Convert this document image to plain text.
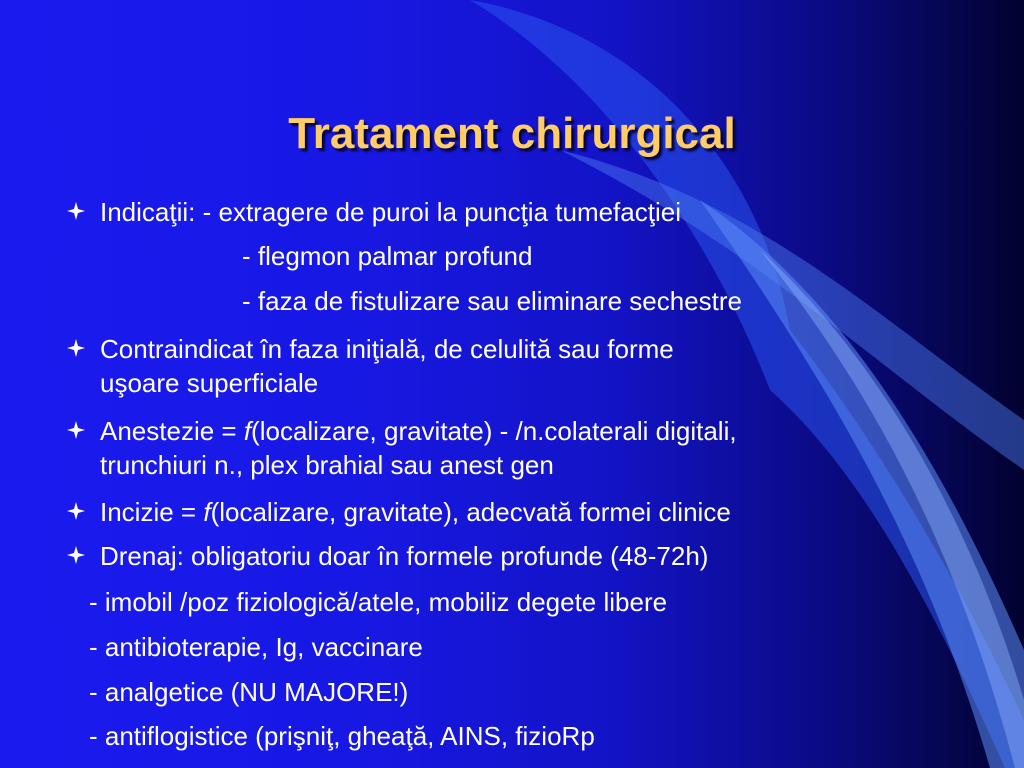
Tratament chirurgical
Indicaţii: - extragere de puroi la puncţia tumefacţiei
- flegmon palmar profund
- faza de fistulizare sau eliminare sechestre
Contraindicat în faza iniţială, de celulită sau forme
uşoare superficiale
Anestezie = f(localizare, gravitate) - /n.colaterali digitali,
trunchiuri n., plex brahial sau anest gen
Incizie = f(localizare, gravitate), adecvată formei clinice
Drenaj: obligatoriu doar în formele profunde (48-72h)
- imobil /poz fiziologică/atele, mobiliz degete libere
- antibioterapie, Ig, vaccinare
- analgetice (NU MAJORE!)
- antiflogistice (prişniţ, gheaţă, AINS, fizioRp
